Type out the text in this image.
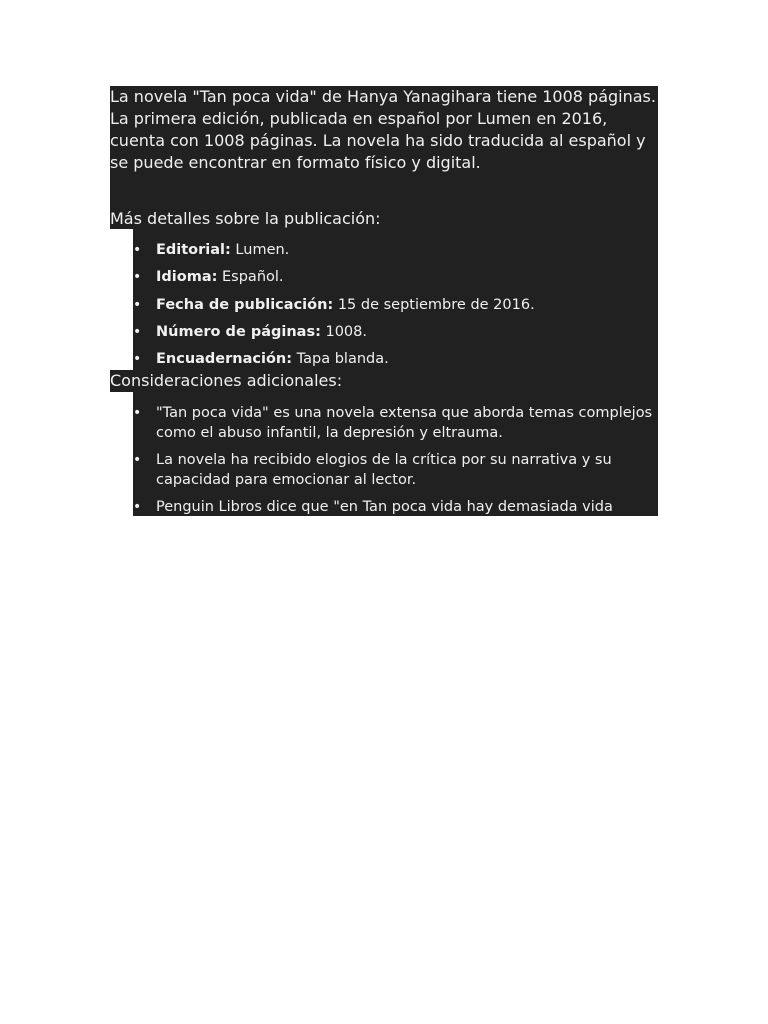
La novela "Tan poca vida" de Hanya Yanagihara tiene 1008 páginas. La primera edición, publicada en español por Lumen en 2016, cuenta con 1008 páginas. La novela ha sido traducida al español y se puede encontrar en formato físico y digital.

Más detalles sobre la publicación:
• Editorial: Lumen.
• Idioma: Español.
• Fecha de publicación: 15 de septiembre de 2016.
• Número de páginas: 1008.
• Encuadernación: Tapa blanda.
Consideraciones adicionales:
• "Tan poca vida" es una novela extensa que aborda temas complejos como el abuso infantil, la depresión y eltrauma.
• La novela ha recibido elogios de la crítica por su narrativa y su capacidad para emocionar al lector.
• Penguin Libros dice que "en Tan poca vida hay demasiada vida
